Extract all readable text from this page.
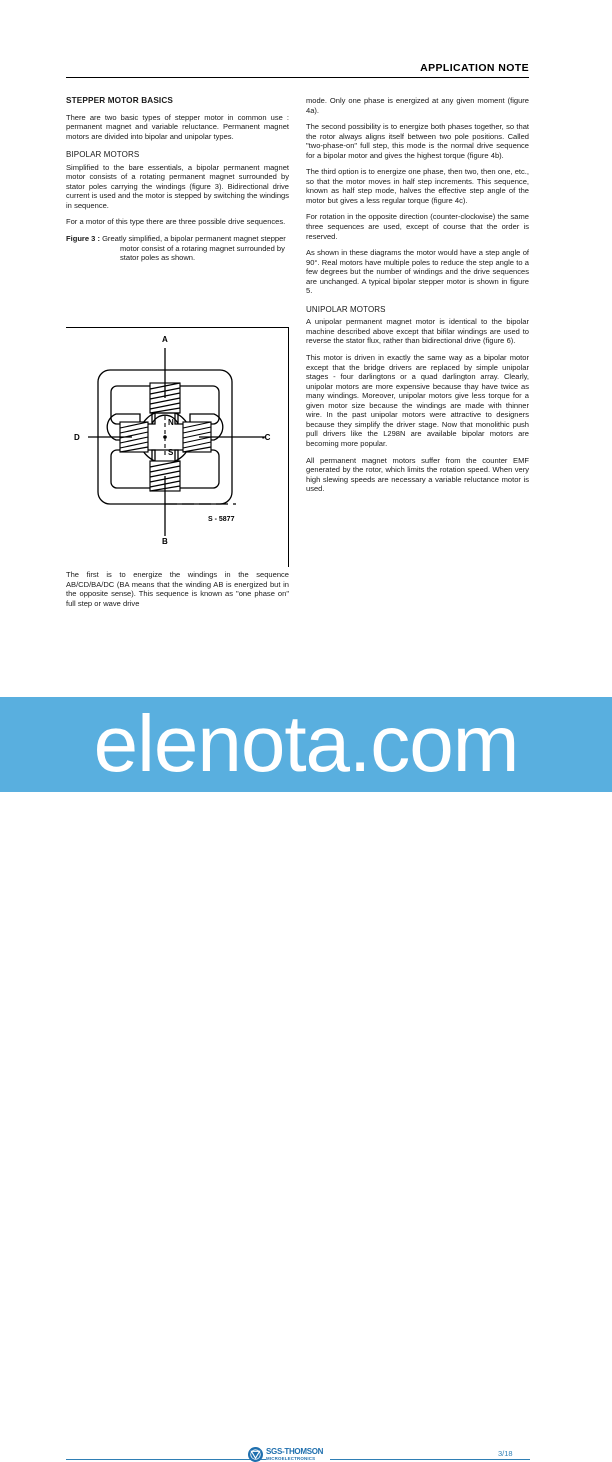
APPLICATION NOTE
STEPPER MOTOR BASICS

There are two basic types of stepper motor in common use : permanent magnet and variable reluctance. Permanent magnet motors are divided into bipolar and unipolar types.

BIPOLAR MOTORS

Simplified to the bare essentials, a bipolar permanent magnet motor consists of a rotating permanent magnet surrounded by stator poles carrying the windings (figure 3). Bidirectional drive current is used and the motor is stepped by switching the windings in sequence.

For a motor of this type there are three possible drive sequences.

Figure 3 : Greatly simplified, a bipolar permanent magnet stepper motor consist of a rotaring magnet surrounded by stator poles as shown.

N
S
A
B
D	-C
S - 5877

The first is to energize the windings in the sequence AB/CD/BA/DC (BA means that the winding AB is energized but in the opposite sense). This sequence is known as "one phase on" full step or wave drive

mode. Only one phase is energized at any given moment (figure 4a).

The second possibility is to energize both phases together, so that the rotor always aligns itself between two pole positions. Called "two-phase-on" full step, this mode is the normal drive sequence for a bipolar motor and gives the highest torque (figure 4b).

The third option is to energize one phase, then two, then one, etc., so that the motor moves in half step increments. This sequence, known as half step mode, halves the effective step angle of the motor but gives a less regular torque (figure 4c).

For rotation in the opposite direction (counter-clockwise) the same three sequences are used, except of course that the order is reserved.

As shown in these diagrams the motor would have a step angle of 90°. Real motors have multiple poles to reduce the step angle to a few degrees but the number of windings and the drive sequences are unchanged. A typical bipolar stepper motor is shown in figure 5.

UNIPOLAR MOTORS

A unipolar permanent magnet motor is identical to the bipolar machine described above except that bifilar windings are used to reverse the stator flux, rather than bidirectional drive (figure 6).

This motor is driven in exactly the same way as a bipolar motor except that the bridge drivers are replaced by simple unipolar stages - four darlingtons or a quad darlington array. Clearly, unipolar motors are more expensive because thay have twice as many windings. Moreover, unipolar motors give less torque for a given motor size because the windings are made with thinner wire. In the past unipolar motors were attractive to designers because they simplify the driver stage. Now that monolithic push pull drivers like the L298N are available bipolar motors are becoming more popular.

All permanent magnet motors suffer from the counter EMF generated by the rotor, which limits the rotation speed. When very high slewing speeds are necessary a variable reluctance motor is used.

SGS-THOMSON
MICROELECTRONICS
3/18
elenota.com
